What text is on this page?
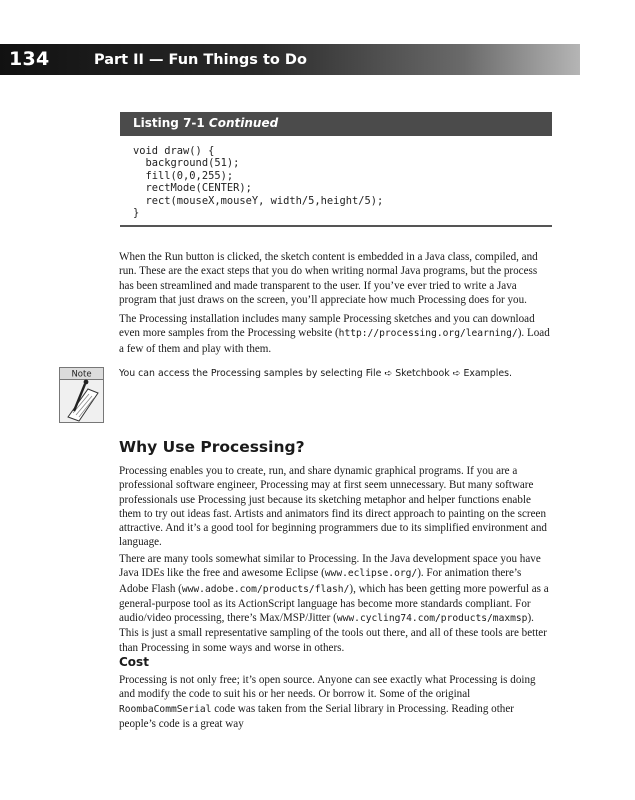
134	Part II — Fun Things to Do
Listing 7-1 Continued
void draw() {
background(51);
fill(0,0,255);
rectMode(CENTER);
rect(mouseX,mouseY, width/5,height/5);
}

When the Run button is clicked, the sketch content is embedded in a Java class, compiled, and run. These are the exact steps that you do when writing normal Java programs, but the process has been streamlined and made transparent to the user. If you’ve ever tried to write a Java program that just draws on the screen, you’ll appreciate how much Processing does for you.

The Processing installation includes many sample Processing sketches and you can download even more samples from the Processing website (http://processing.org/learning/). Load a few of them and play with them.

Note	You can access the Processing samples by selecting File ➪ Sketchbook ➪ Examples.

Why Use Processing?

Processing enables you to create, run, and share dynamic graphical programs. If you are a professional software engineer, Processing may at first seem unnecessary. But many software professionals use Processing just because its sketching metaphor and helper functions enable them to try out ideas fast. Artists and animators find its direct approach to painting on the screen attractive. And it’s a good tool for beginning programmers due to its simplified environment and language.

There are many tools somewhat similar to Processing. In the Java development space you have Java IDEs like the free and awesome Eclipse (www.eclipse.org/). For animation there’s Adobe Flash (www.adobe.com/products/flash/), which has been getting more powerful as a general-purpose tool as its ActionScript language has become more standards compliant. For audio/video processing, there’s Max/MSP/Jitter (www.cycling74.com/products/maxmsp). This is just a small representative sampling of the tools out there, and all of these tools are better than Processing in some ways and worse in others.

Cost

Processing is not only free; it’s open source. Anyone can see exactly what Processing is doing and modify the code to suit his or her needs. Or borrow it. Some of the original RoombaCommSerial code was taken from the Serial library in Processing. Reading other people’s code is a great way
